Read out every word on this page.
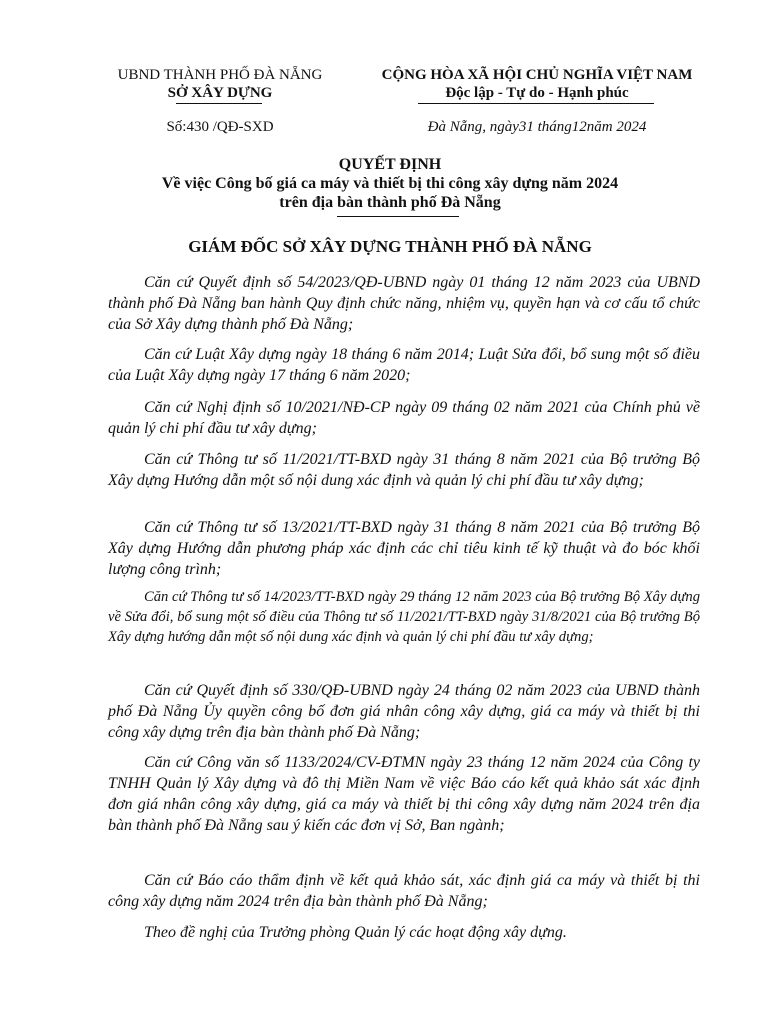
UBND THÀNH PHỐ ĐÀ NẴNG
SỞ XÂY DỰNG
Số:430 /QĐ-SXD
CỘNG HÒA XÃ HỘI CHỦ NGHĨA VIỆT NAM
Độc lập - Tự do - Hạnh phúc
Đà Nẵng, ngày31 tháng12năm 2024
QUYẾT ĐỊNH
Về việc Công bố giá ca máy và thiết bị thi công xây dựng năm 2024
trên địa bàn thành phố Đà Nẵng
GIÁM ĐỐC SỞ XÂY DỰNG THÀNH PHỐ ĐÀ NẴNG

Căn cứ Quyết định số 54/2023/QĐ-UBND ngày 01 tháng 12 năm 2023 của UBND thành phố Đà Nẵng ban hành Quy định chức năng, nhiệm vụ, quyền hạn và cơ cấu tổ chức của Sở Xây dựng thành phố Đà Nẵng;

Căn cứ Luật Xây dựng ngày 18 tháng 6 năm 2014; Luật Sửa đổi, bổ sung một số điều của Luật Xây dựng ngày 17 tháng 6 năm 2020;

Căn cứ Nghị định số 10/2021/NĐ-CP ngày 09 tháng 02 năm 2021 của Chính phủ về quản lý chi phí đầu tư xây dựng;

Căn cứ Thông tư số 11/2021/TT-BXD ngày 31 tháng 8 năm 2021 của Bộ trưởng Bộ Xây dựng Hướng dẫn một số nội dung xác định và quản lý chi phí đầu tư xây dựng;

Căn cứ Thông tư số 13/2021/TT-BXD ngày 31 tháng 8 năm 2021 của Bộ trưởng Bộ Xây dựng Hướng dẫn phương pháp xác định các chỉ tiêu kinh tế kỹ thuật và đo bóc khối lượng công trình;

Căn cứ Thông tư số 14/2023/TT-BXD ngày 29 tháng 12 năm 2023 của Bộ trưởng Bộ Xây dựng về Sửa đổi, bổ sung một số điều của Thông tư số 11/2021/TT-BXD ngày 31/8/2021 của Bộ trưởng Bộ Xây dựng hướng dẫn một số nội dung xác định và quản lý chi phí đầu tư xây dựng;

Căn cứ Quyết định số 330/QĐ-UBND ngày 24 tháng 02 năm 2023 của UBND thành phố Đà Nẵng Ủy quyền công bố đơn giá nhân công xây dựng, giá ca máy và thiết bị thi công xây dựng trên địa bàn thành phố Đà Nẵng;

Căn cứ Công văn số 1133/2024/CV-ĐTMN ngày 23 tháng 12 năm 2024 của Công ty TNHH Quản lý Xây dựng và đô thị Miền Nam về việc Báo cáo kết quả khảo sát xác định đơn giá nhân công xây dựng, giá ca máy và thiết bị thi công xây dựng năm 2024 trên địa bàn thành phố Đà Nẵng sau ý kiến các đơn vị Sở, Ban ngành;

Căn cứ Báo cáo thẩm định về kết quả khảo sát, xác định giá ca máy và thiết bị thi công xây dựng năm 2024 trên địa bàn thành phố Đà Nẵng;

Theo đề nghị của Trưởng phòng Quản lý các hoạt động xây dựng.
